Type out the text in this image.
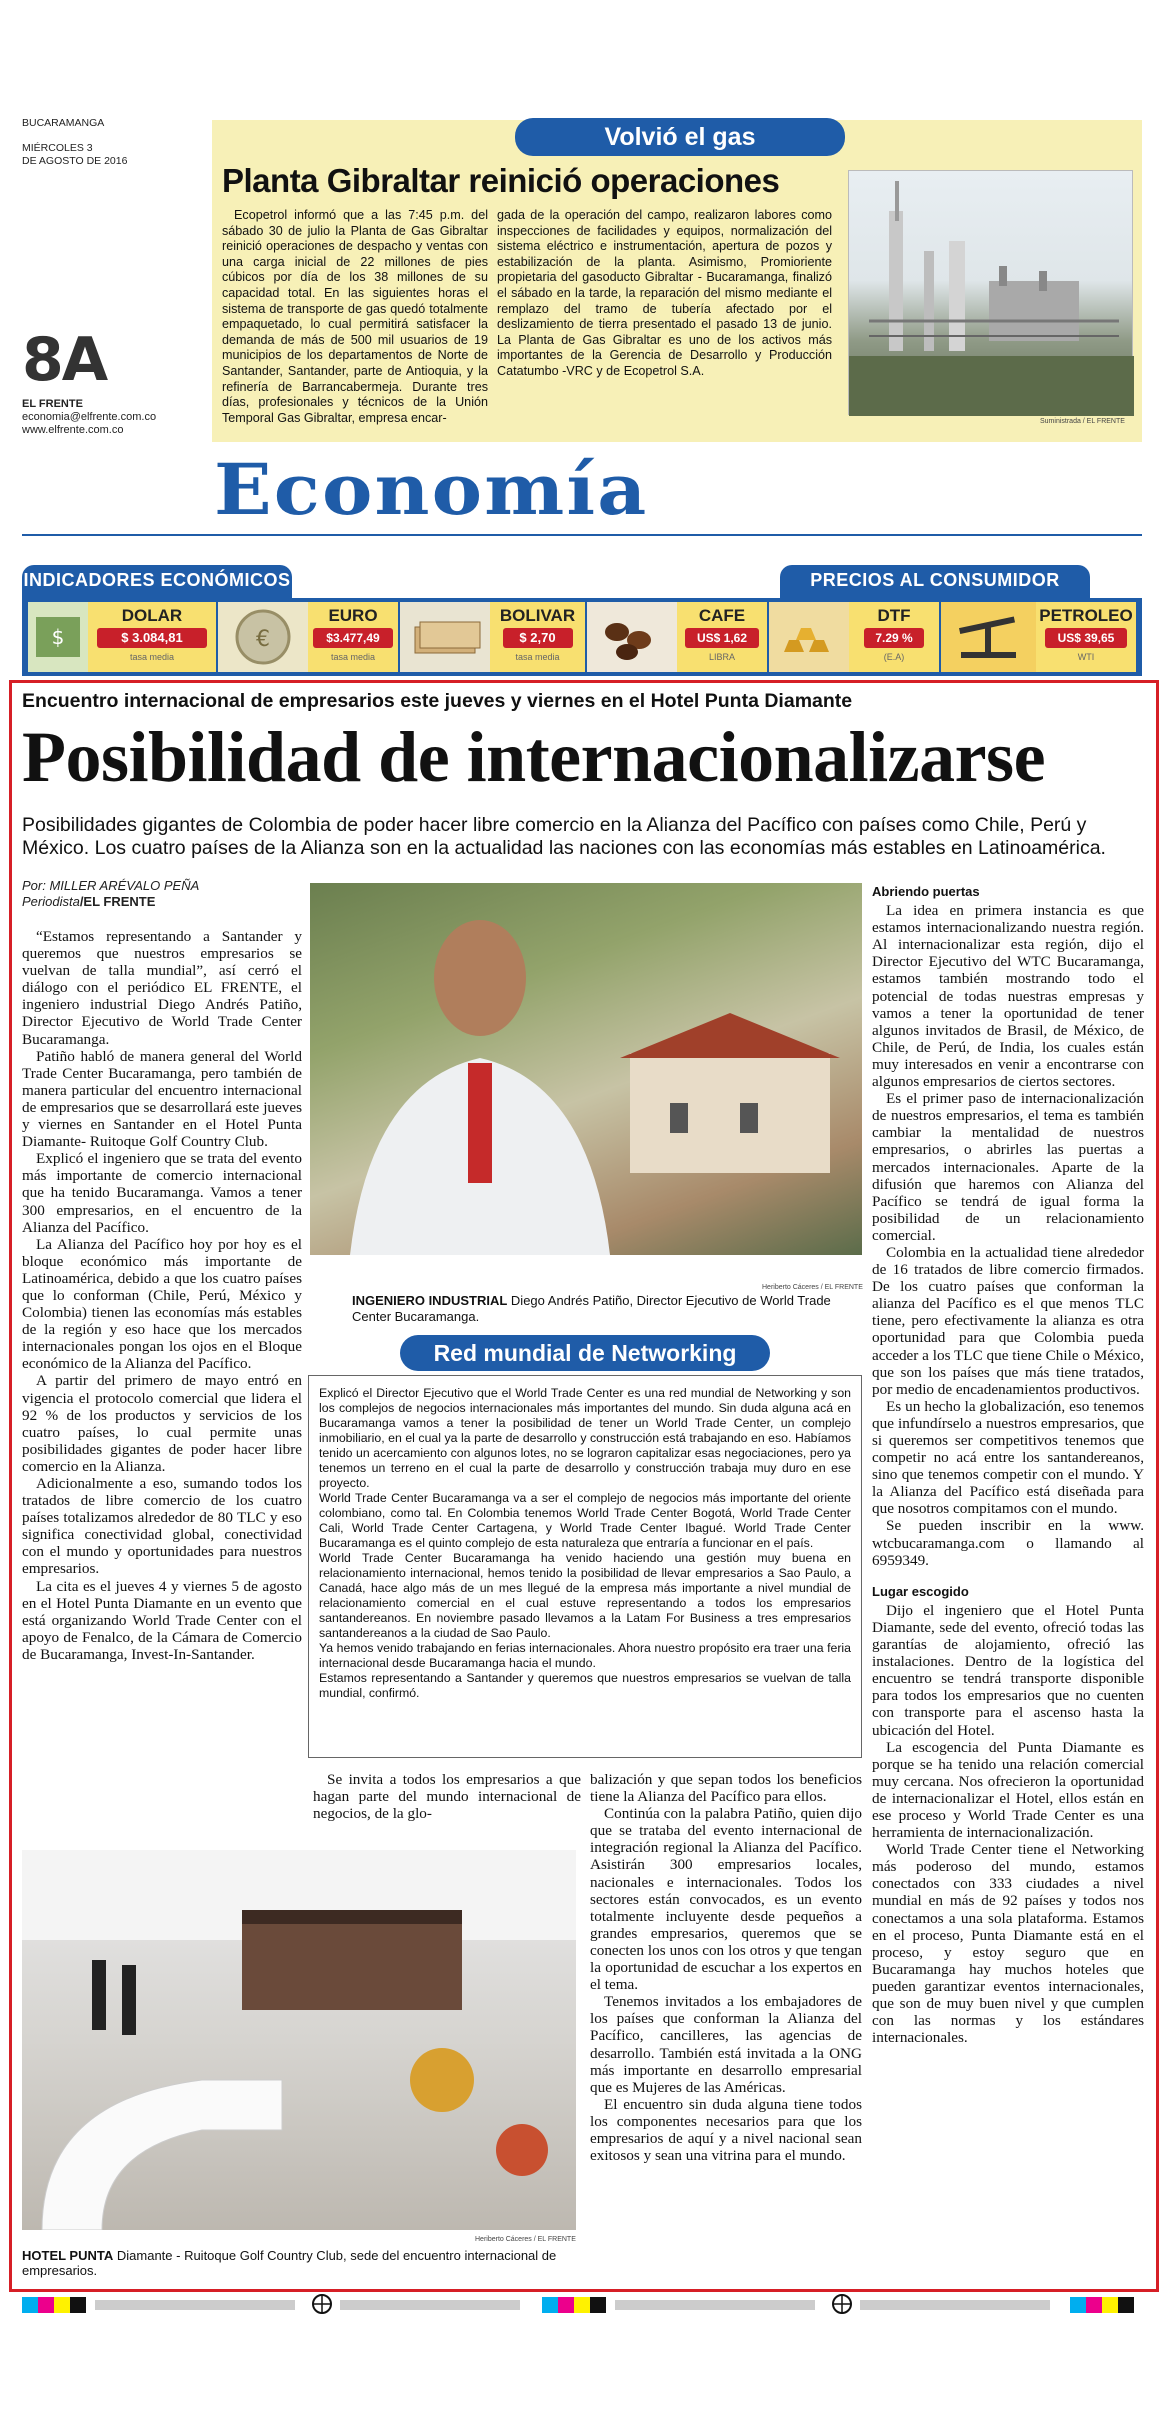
BUCARAMANGA
MIÉRCOLES 3
DE AGOSTO DE 2016
8A
EL FRENTE
economia@elfrente.com.co
www.elfrente.com.co
Volvió el gas
Planta Gibraltar reinició operaciones
Ecopetrol informó que a las 7:45 p.m. del sábado 30 de julio la Planta de Gas Gibraltar reinició operaciones de despacho y ventas con una carga inicial de 22 millones de pies cúbicos por día de los 38 millones de su capacidad total. En las siguientes horas el sistema de transporte de gas quedó totalmente empaquetado, lo cual permitirá satisfacer la demanda de más de 500 mil usuarios de 19 municipios de los departamentos de Norte de Santander, Santander, parte de Antioquia, y la refinería de Barrancabermeja. Durante tres días, profesionales y técnicos de la Unión Temporal Gas Gibraltar, empresa encar-
gada de la operación del campo, realizaron labores como inspecciones de facilidades y equipos, normalización del sistema eléctrico e instrumentación, apertura de pozos y estabilización de la planta. Asimismo, Promioriente propietaria del gasoducto Gibraltar - Bucaramanga, finalizó el sábado en la tarde, la reparación del mismo mediante el remplazo del tramo de tubería afectado por el deslizamiento de tierra presentado el pasado 13 de junio. La Planta de Gas Gibraltar es uno de los activos más importantes de la Gerencia de Desarrollo y Producción Catatumbo -VRC y de Ecopetrol S.A.
Suministrada / EL FRENTE
Economía
INDICADORES ECONÓMICOS	PRECIOS AL CONSUMIDOR
$
DOLAR
$ 3.084,81
tasa media
€
EURO
$3.477,49
tasa media
BOLIVAR
$ 2,70
tasa media
CAFE
US$ 1,62
LIBRA
DTF
7.29 %
(E.A)
PETROLEO
US$ 39,65
WTI
Encuentro internacional de empresarios este jueves y viernes en el Hotel Punta Diamante
Posibilidad de internacionalizarse
Posibilidades gigantes de Colombia de poder hacer libre comercio en la Alianza del Pacífico con países como Chile, Perú y México. Los cuatro países de la Alianza son en la actualidad las naciones con las economías más estables en Latinoamérica.
Por: MILLER ARÉVALO PEÑA
Periodista/EL FRENTE

“Estamos representando a Santander y queremos que nuestros empresarios se vuelvan de talla mundial”, así cerró el diálogo con el periódico EL FRENTE, el ingeniero industrial Diego Andrés Patiño, Director Ejecutivo de World Trade Center Bucaramanga.

Patiño habló de manera general del World Trade Center Bucaramanga, pero también de manera particular del encuentro internacional de empresarios que se desarrollará este jueves y viernes en Santander en el Hotel Punta Diamante- Ruitoque Golf Country Club.

Explicó el ingeniero que se trata del evento más importante de comercio internacional que ha tenido Bucaramanga. Vamos a tener 300 empresarios, en el encuentro de la Alianza del Pacífico.

La Alianza del Pacífico hoy por hoy es el bloque económico más importante de Latinoamérica, debido a que los cuatro países que lo conforman (Chile, Perú, México y Colombia) tienen las economías más estables de la región y eso hace que los mercados internacionales pongan los ojos en el Bloque económico de la Alianza del Pacífico.

A partir del primero de mayo entró en vigencia el protocolo comercial que lidera el 92 % de los productos y servicios de los cuatro países, lo cual permite unas posibilidades gigantes de poder hacer libre comercio en la Alianza.

Adicionalmente a eso, sumando todos los tratados de libre comercio de los cuatro países totalizamos alrededor de 80 TLC y eso significa conectividad global, conectividad con el mundo y oportunidades para nuestros empresarios.

La cita es el jueves 4 y viernes 5 de agosto en el Hotel Punta Diamante en un evento que está organizando World Trade Center con el apoyo de Fenalco, de la Cámara de Comercio de Bucaramanga, Invest-In-Santander.

Heriberto Cáceres / EL FRENTE
INGENIERO INDUSTRIAL Diego Andrés Patiño, Director Ejecutivo de World Trade Center Bucaramanga.
Red mundial de Networking
Explicó el Director Ejecutivo que el World Trade Center es una red mundial de Networking y son los complejos de negocios internacionales más importantes del mundo. Sin duda alguna acá en Bucaramanga vamos a tener la posibilidad de tener un World Trade Center, un complejo inmobiliario, en el cual ya la parte de desarrollo y construcción está trabajando en eso. Habíamos tenido un acercamiento con algunos lotes, no se lograron capitalizar esas negociaciones, pero ya tenemos un terreno en el cual la parte de desarrollo y construcción trabaja muy duro en ese proyecto.
World Trade Center Bucaramanga va a ser el complejo de negocios más importante del oriente colombiano, como tal. En Colombia tenemos World Trade Center Bogotá, World Trade Center Cali, World Trade Center Cartagena, y World Trade Center Ibagué. World Trade Center Bucaramanga es el quinto complejo de esta naturaleza que entraría a funcionar en el país.
World Trade Center Bucaramanga ha venido haciendo una gestión muy buena en relacionamiento internacional, hemos tenido la posibilidad de llevar empresarios a Sao Paulo, a Canadá, hace algo más de un mes llegué de la empresa más importante a nivel mundial de relacionamiento comercial en el cual estuve representando a todos los empresarios santandereanos. En noviembre pasado llevamos a la Latam For Business a tres empresarios santandereanos a la ciudad de Sao Paulo.
Ya hemos venido trabajando en ferias internacionales. Ahora nuestro propósito era traer una feria internacional desde Bucaramanga hacia el mundo.
Estamos representando a Santander y queremos que nuestros empresarios se vuelvan de talla mundial, confirmó.

Se invita a todos los empresarios a que hagan parte del mundo internacional de negocios, de la glo-

balización y que sepan todos los beneficios tiene la Alianza del Pacífico para ellos.

Continúa con la palabra Patiño, quien dijo que se trataba del evento internacional de integración regional la Alianza del Pacífico. Asistirán 300 empresarios locales, nacionales e internacionales. Todos los sectores están convocados, es un evento totalmente incluyente desde pequeños a grandes empresarios, queremos que se conecten los unos con los otros y que tengan la oportunidad de escuchar a los expertos en el tema.

Tenemos invitados a los embajadores de los países que conforman la Alianza del Pacífico, cancilleres, las agencias de desarrollo. También está invitada a la ONG más importante en desarrollo empresarial que es Mujeres de las Américas.

El encuentro sin duda alguna tiene todos los componentes necesarios para que los empresarios de aquí y a nivel nacional sean exitosos y sean una vitrina para el mundo.

Heriberto Cáceres / EL FRENTE
HOTEL PUNTA Diamante - Ruitoque Golf Country Club, sede del encuentro internacional de empresarios.
Abriendo puertas

La idea en primera instancia es que estamos internacionalizando nuestra región. Al internacionalizar esta región, dijo el Director Ejecutivo del WTC Bucaramanga, estamos también mostrando todo el potencial de todas nuestras empresas y vamos a tener la oportunidad de tener algunos invitados de Brasil, de México, de Chile, de Perú, de India, los cuales están muy interesados en venir a encontrarse con algunos empresarios de ciertos sectores.

Es el primer paso de internacionalización de nuestros empresarios, el tema es también cambiar la mentalidad de nuestros empresarios, o abrirles las puertas a mercados internacionales. Aparte de la difusión que haremos con Alianza del Pacífico se tendrá de igual forma la posibilidad de un relacionamiento comercial.

Colombia en la actualidad tiene alrededor de 16 tratados de libre comercio firmados. De los cuatro países que conforman la alianza del Pacífico es el que menos TLC tiene, pero efectivamente la alianza es otra oportunidad para que Colombia pueda acceder a los TLC que tiene Chile o México, que son los países que más tiene tratados, por medio de encadenamientos productivos.

Es un hecho la globalización, eso tenemos que infundírselo a nuestros empresarios, que si queremos ser competitivos tenemos que competir no acá entre los santandereanos, sino que tenemos competir con el mundo. Y la Alianza del Pacífico está diseñada para que nosotros compitamos con el mundo.

Se pueden inscribir en la www. wtcbucaramanga.com o llamando al 6959349.

Lugar escogido

Dijo el ingeniero que el Hotel Punta Diamante, sede del evento, ofreció todas las garantías de alojamiento, ofreció las instalaciones. Dentro de la logística del encuentro se tendrá transporte disponible para todos los empresarios que no cuenten con transporte para el ascenso hasta la ubicación del Hotel.

La escogencia del Punta Diamante es porque se ha tenido una relación comercial muy cercana. Nos ofrecieron la oportunidad de internacionalizar el Hotel, ellos están en ese proceso y World Trade Center es una herramienta de internacionalización.

World Trade Center tiene el Networking más poderoso del mundo, estamos conectados con 333 ciudades a nivel mundial en más de 92 países y todos nos conectamos a una sola plataforma. Estamos en el proceso, Punta Diamante está en el proceso, y estoy seguro que en Bucaramanga hay muchos hoteles que pueden garantizar eventos internacionales, que son de muy buen nivel y que cumplen con las normas y los estándares internacionales.
